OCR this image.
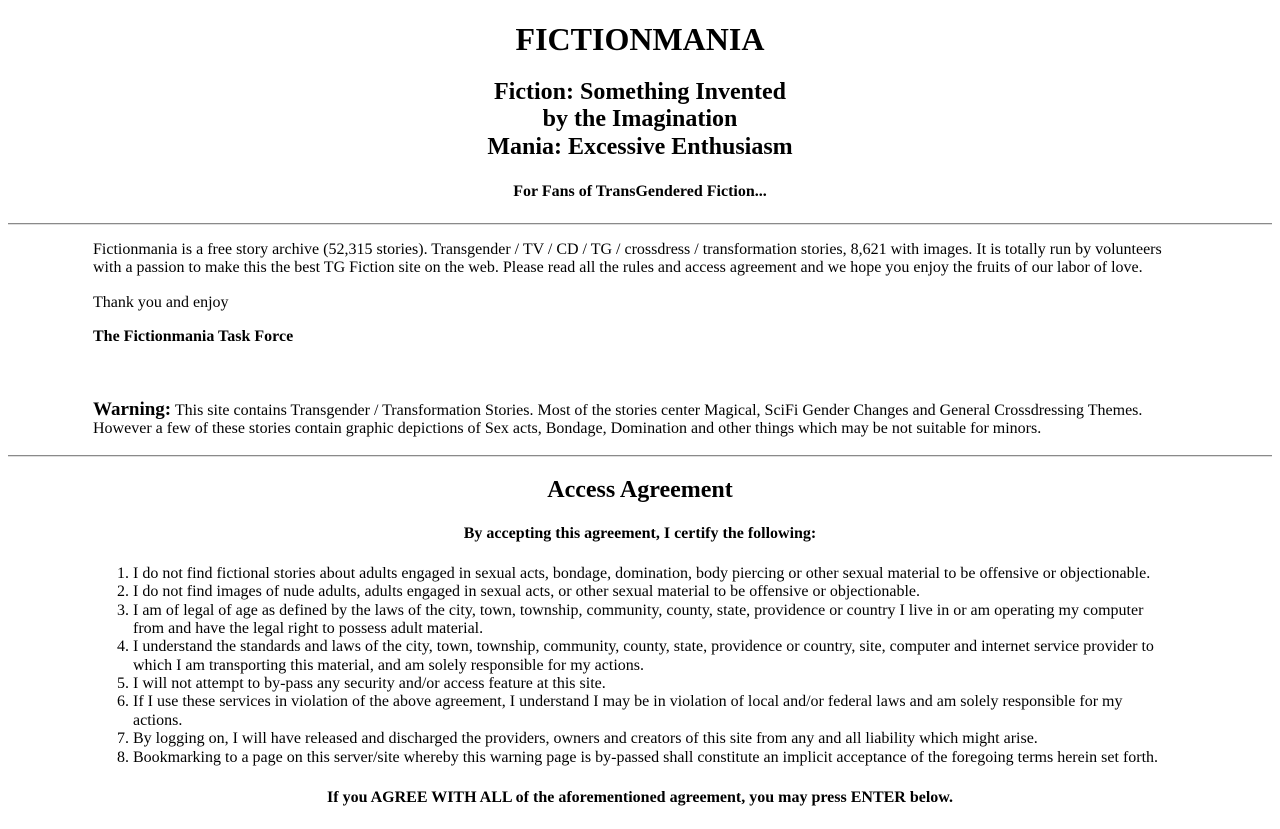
FICTIONMANIA
Fiction: Something Invented
by the Imagination
Mania: Excessive Enthusiasm
For Fans of TransGendered Fiction...

Fictionmania is a free story archive (52,315 stories). Transgender / TV / CD / TG / crossdress / transformation stories, 8,621 with images. It is totally run by volunteers with a passion to make this the best TG Fiction site on the web. Please read all the rules and access agreement and we hope you enjoy the fruits of our labor of love.

Thank you and enjoy

The Fictionmania Task Force

Warning: This site contains Transgender / Transformation Stories. Most of the stories center Magical, SciFi Gender Changes and General Crossdressing Themes. However a few of these stories contain graphic depictions of Sex acts, Bondage, Domination and other things which may be not suitable for minors.

Access Agreement
By accepting this agreement, I certify the following:
1. I do not find fictional stories about adults engaged in sexual acts, bondage, domination, body piercing or other sexual material to be offensive or objectionable.
2. I do not find images of nude adults, adults engaged in sexual acts, or other sexual material to be offensive or objectionable.
3. I am of legal of age as defined by the laws of the city, town, township, community, county, state, providence or country I live in or am operating my computer from and have the legal right to possess adult material.
4. I understand the standards and laws of the city, town, township, community, county, state, providence or country, site, computer and internet service provider to which I am transporting this material, and am solely responsible for my actions.
5. I will not attempt to by-pass any security and/or access feature at this site.
6. If I use these services in violation of the above agreement, I understand I may be in violation of local and/or federal laws and am solely responsible for my actions.
7. By logging on, I will have released and discharged the providers, owners and creators of this site from any and all liability which might arise.
8. Bookmarking to a page on this server/site whereby this warning page is by-passed shall constitute an implicit acceptance of the foregoing terms herein set forth.
If you AGREE WITH ALL of the aforementioned agreement, you may press ENTER below.
